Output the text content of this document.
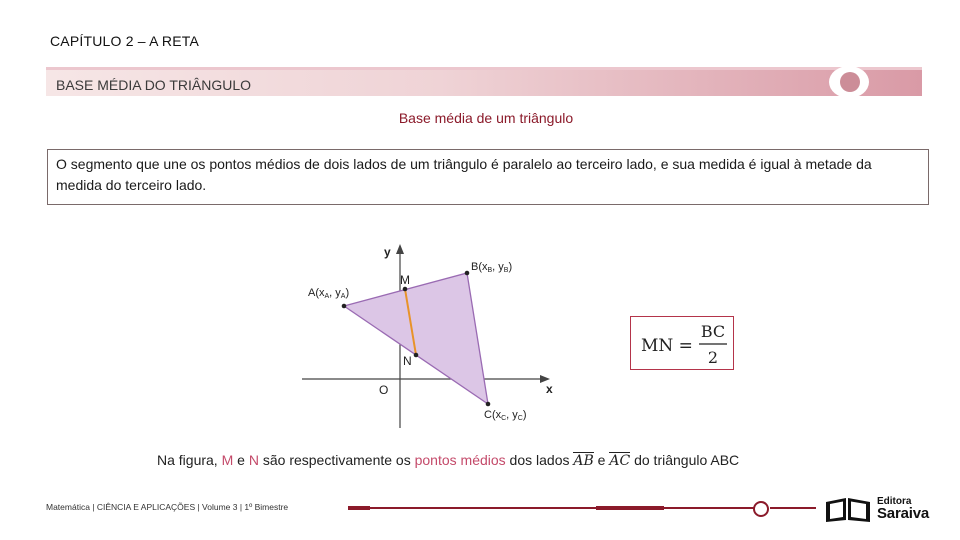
CAPÍTULO 2 – A RETA
BASE MÉDIA DO TRIÂNGULO
Base média de um triângulo
O segmento que une os pontos médios de dois lados de um triângulo é paralelo ao terceiro lado, e sua medida é igual à metade da medida do terceiro lado.
y
x
O
M
N
A(xA, yA)
B(xB, yB)
C(xC, yC)
MN =
BC
2
Na figura, M e N são respectivamente os pontos médios dos lados AB e AC do triângulo ABC
Matemática | CIÊNCIA E APLICAÇÕES | Volume 3 | 1º Bimestre	Editora
Saraiva
